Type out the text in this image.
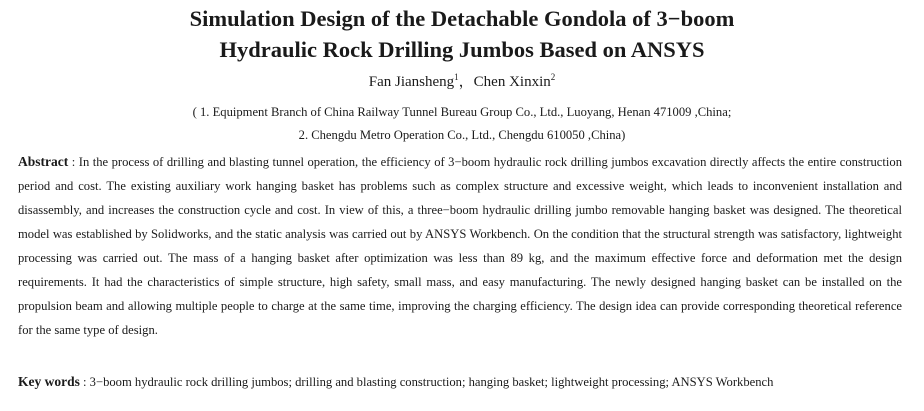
Simulation Design of the Detachable Gondola of 3−boom
Hydraulic Rock Drilling Jumbos Based on ANSYS
Fan Jiansheng$^1$，Chen Xinxin$^2$
( 1. Equipment Branch of China Railway Tunnel Bureau Group Co., Ltd., Luoyang, Henan 471009 ,China;
2. Chengdu Metro Operation Co., Ltd., Chengdu 610050 ,China)

Abstract : In the process of drilling and blasting tunnel operation, the efficiency of 3−boom hydraulic rock drilling jumbos excavation directly affects the entire construction period and cost. The existing auxiliary work hanging basket has problems such as complex structure and excessive weight, which leads to inconvenient installation and disassembly, and increases the construction cycle and cost. In view of this, a three−boom hydraulic drilling jumbo removable hanging basket was designed. The theoretical model was established by Solidworks, and the static analysis was carried out by ANSYS Workbench. On the condition that the structural strength was satisfactory, lightweight processing was carried out. The mass of a hanging basket after optimization was less than 89 kg, and the maximum effective force and deformation met the design requirements. It had the characteristics of simple structure, high safety, small mass, and easy manufacturing. The newly designed hanging basket can be installed on the propulsion beam and allowing multiple people to charge at the same time, improving the charging efficiency. The design idea can provide corresponding theoretical reference for the same type of design.

Key words : 3−boom hydraulic rock drilling jumbos; drilling and blasting construction; hanging basket; lightweight processing; ANSYS Workbench
